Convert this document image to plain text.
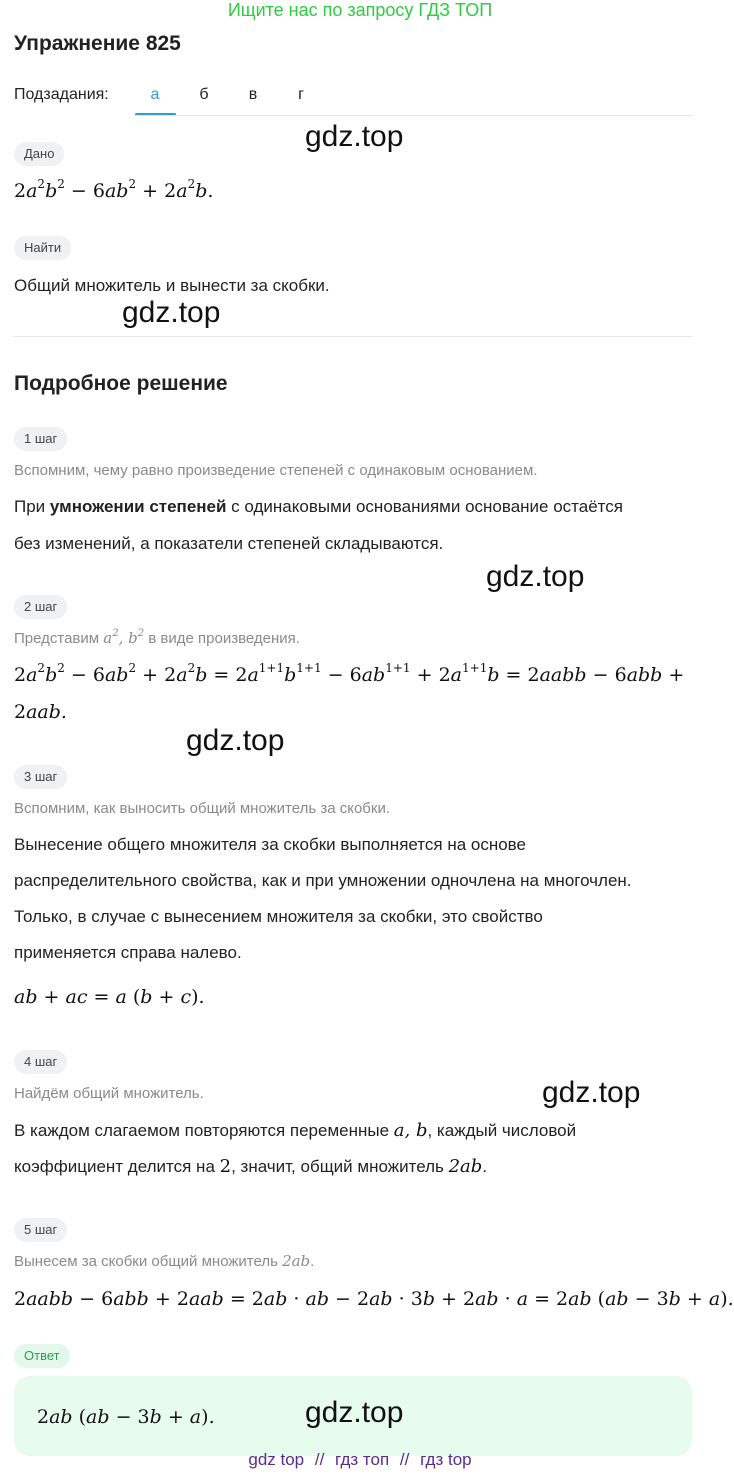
Ищите нас по запросу ГДЗ ТОП
Упражнение 825
Подзадания:	а	б	в	г
gdz.top
Дано
$2a^2b^2 - 6ab^2 + 2a^2b$.
Найти
Общий множитель и вынести за скобки.
gdz.top
Подробное решение
1 шаг
Вспомним, чему равно произведение степеней с одинаковым основанием.
При умножении степеней с одинаковыми основаниями основание остаётся
без изменений, а показатели степеней складываются.
gdz.top
2 шаг
Представим $a^2$, $b^2$ в виде произведения.
$2a^2b^2 - 6ab^2 + 2a^2b = 2a^{1+1}b^{1+1} - 6ab^{1+1} + 2a^{1+1}b$ = 2aabb − 6abb +
2aab.
gdz.top
3 шаг
Вспомним, как выносить общий множитель за скобки.
Вынесение общего множителя за скобки выполняется на основе
распределительного свойства, как и при умножении одночлена на многочлен.
Только, в случае с вынесением множителя за скобки, это свойство
применяется справа налево.
ab + ac = a (b + c).
4 шаг
Найдём общий множитель.	gdz.top
В каждом слагаемом повторяются переменные a, b, каждый числовой
коэффициент делится на 2, значит, общий множитель 2ab.
5 шаг
Вынесем за скобки общий множитель 2ab.
2aabb − 6abb + 2aab = 2ab · ab − 2ab · 3b + 2ab · a = 2ab (ab − 3b + a).
Ответ
2ab (ab − 3b + a).	gdz.top
gdz top // гдз топ // гдз top
